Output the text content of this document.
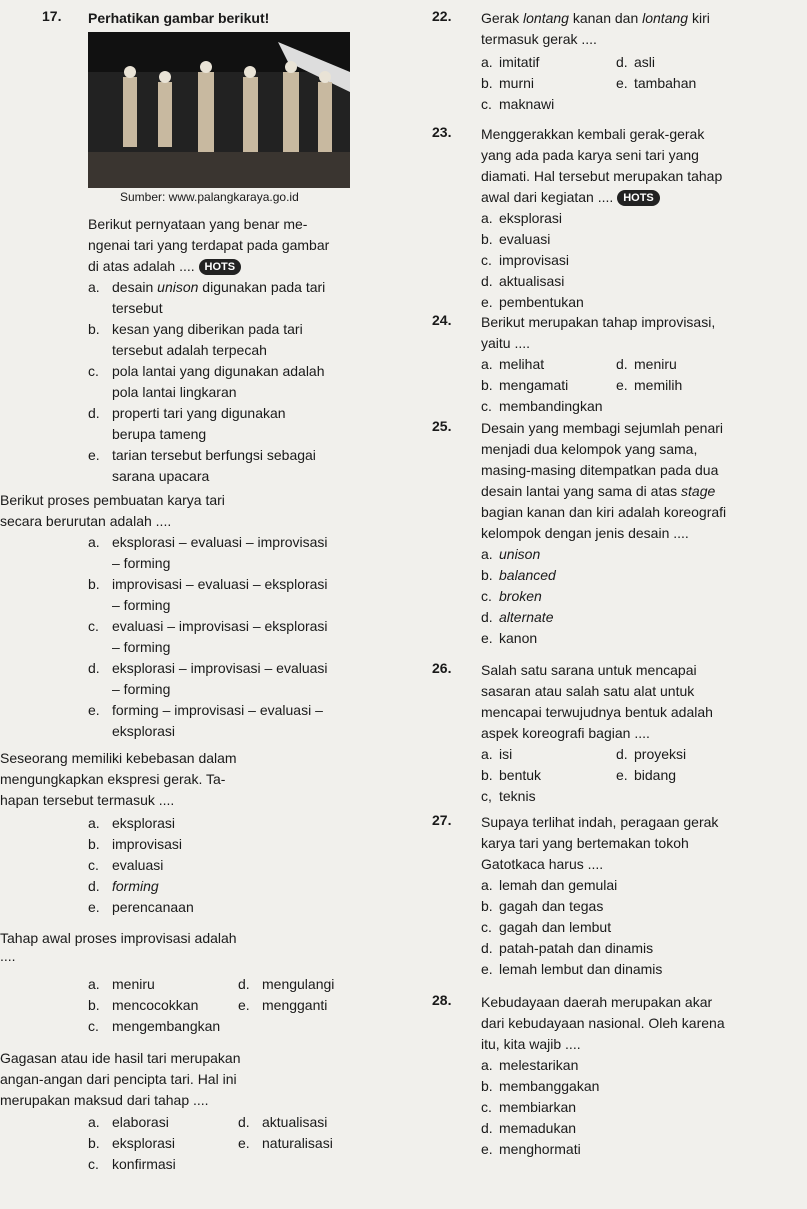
17. Perhatikan gambar berikut!
Sumber: www.palangkaraya.go.id
Berikut pernyataan yang benar me-
ngenai tari yang terdapat pada gambar
di atas adalah .... HOTS
a. desain unison digunakan pada tari
tersebut
b. kesan yang diberikan pada tari
tersebut adalah terpecah
c. pola lantai yang digunakan adalah
pola lantai lingkaran
d. properti tari yang digunakan
berupa tameng
e. tarian tersebut berfungsi sebagai
sarana upacara
Berikut proses pembuatan karya tari
secara berurutan adalah ....
a. eksplorasi – evaluasi – improvisasi
– forming
b. improvisasi – evaluasi – eksplorasi
– forming
c. evaluasi – improvisasi – eksplorasi
– forming
d. eksplorasi – improvisasi – evaluasi
– forming
e. forming – improvisasi – evaluasi –
eksplorasi
Seseorang memiliki kebebasan dalam
mengungkapkan ekspresi gerak. Ta-
hapan tersebut termasuk ....
a. eksplorasi
b. improvisasi
c. evaluasi
d. forming
e. perencanaan
Tahap awal proses improvisasi adalah
....
a. meniru	d. mengulangi
b. mencocokkan	e. mengganti
c. mengembangkan
Gagasan atau ide hasil tari merupakan
angan-angan dari pencipta tari. Hal ini
merupakan maksud dari tahap ....
a. elaborasi	d. aktualisasi
b. eksplorasi	e. naturalisasi
c. konfirmasi
22. Gerak lontang kanan dan lontang kiri
termasuk gerak ....
a. imitatif	d. asli
b. murni	e. tambahan
c. maknawi
23. Menggerakkan kembali gerak-gerak
yang ada pada karya seni tari yang
diamati. Hal tersebut merupakan tahap
awal dari kegiatan .... HOTS
a. eksplorasi
b. evaluasi
c. improvisasi
d. aktualisasi
e. pembentukan
24. Berikut merupakan tahap improvisasi,
yaitu ....
a. melihat	d. meniru
b. mengamati	e. memilih
c. membandingkan
25. Desain yang membagi sejumlah penari
menjadi dua kelompok yang sama,
masing-masing ditempatkan pada dua
desain lantai yang sama di atas stage
bagian kanan dan kiri adalah koreografi
kelompok dengan jenis desain ....
a. unison
b. balanced
c. broken
d. alternate
e. kanon
26. Salah satu sarana untuk mencapai
sasaran atau salah satu alat untuk
mencapai terwujudnya bentuk adalah
aspek koreografi bagian ....
a. isi	d. proyeksi
b. bentuk	e. bidang
c, teknis
27. Supaya terlihat indah, peragaan gerak
karya tari yang bertemakan tokoh
Gatotkaca harus ....
a. lemah dan gemulai
b. gagah dan tegas
c. gagah dan lembut
d. patah-patah dan dinamis
e. lemah lembut dan dinamis
28. Kebudayaan daerah merupakan akar
dari kebudayaan nasional. Oleh karena
itu, kita wajib ....
a. melestarikan
b. membanggakan
c. membiarkan
d. memadukan
e. menghormati
